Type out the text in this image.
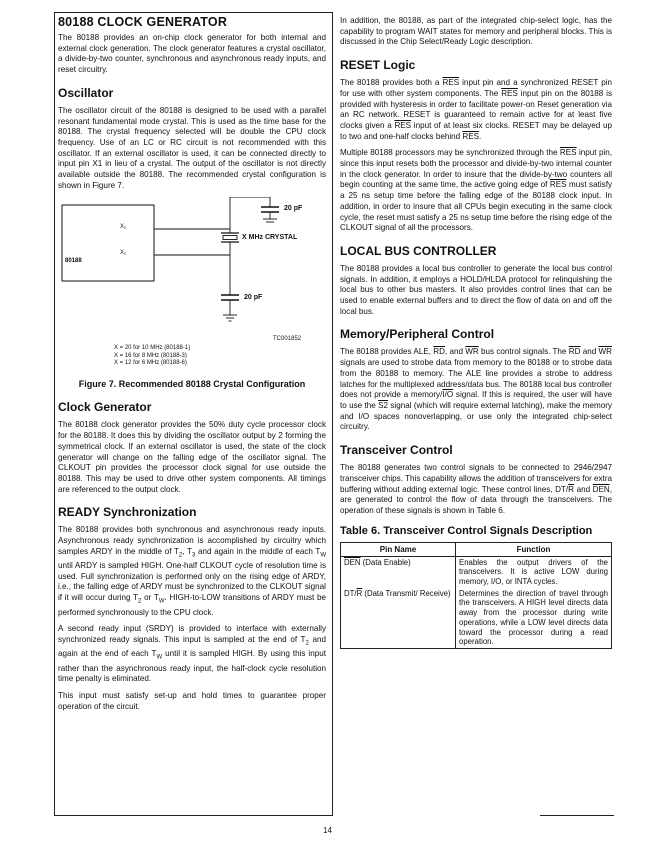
80188 CLOCK GENERATOR

The 80188 provides an on-chip clock generator for both internal and external clock generation. The clock generator features a crystal oscillator, a divide-by-two counter, synchronous and asynchronous ready inputs, and reset circuitry.

Oscillator

The oscillator circuit of the 80188 is designed to be used with a parallel resonant fundamental mode crystal. This is used as the time base for the 80188. The crystal frequency selected will be double the CPU clock frequency. Use of an LC or RC circuit is not recommended with this oscillator. If an external oscillator is used, it can be connected directly to input pin X1 in lieu of a crystal. The output of the oscillator is not directly available outside the 80188. The recommended crystal configuration is shown in Figure 7.

X₁
X₂
80188
20 pF
X MHz CRYSTAL
20 pF
TC001852
X = 20 for 10 MHz (80188-1)
X = 16 for 8 MHz (80188-3)
X = 12 for 6 MHz (80188-6)
Figure 7. Recommended 80188 Crystal Configuration
Clock Generator

The 80188 clock generator provides the 50% duty cycle processor clock for the 80188. It does this by dividing the oscillator output by 2 forming the symmetrical clock. If an external oscillator is used, the state of the clock generator will change on the falling edge of the oscillator signal. The CLKOUT pin provides the processor clock signal for use outside the 80188. This may be used to drive other system components. All timings are referenced to the output clock.

READY Synchronization

The 80188 provides both synchronous and asynchronous ready inputs. Asynchronous ready synchronization is accomplished by circuitry which samples ARDY in the middle of $T_2$, $T_3$ and again in the middle of each $T_W$ until ARDY is sampled HIGH. One-half CLKOUT cycle of resolution time is used. Full synchronization is performed only on the rising edge of ARDY, i.e., the falling edge of ARDY must be synchronized to the CLKOUT signal if it will occur during $T_2$ or $T_W$. HIGH-to-LOW transitions of ARDY must be performed synchronously to the CPU clock.

A second ready input (SRDY) is provided to interface with externally synchronized ready signals. This input is sampled at the end of $T_2$ and again at the end of each $T_W$ until it is sampled HIGH. By using this input rather than the asynchronous ready input, the half-clock cycle resolution time penalty is eliminated.

This input must satisfy set-up and hold times to guarantee proper operation of the circuit.

In addition, the 80188, as part of the integrated chip-select logic, has the capability to program WAIT states for memory and peripheral blocks. This is discussed in the Chip Select/Ready Logic description.

RESET Logic

The 80188 provides both a $\overline{RES}$ input pin and a synchronized RESET pin for use with other system components. The $\overline{RES}$ input pin on the 80188 is provided with hysteresis in order to facilitate power-on Reset generation via an RC network. RESET is guaranteed to remain active for at least five clocks given a $\overline{RES}$ input of at least six clocks. RESET may be delayed up to two and one-half clocks behind $\overline{RES}$.

Multiple 80188 processors may be synchronized through the $\overline{RES}$ input pin, since this input resets both the processor and divide-by-two internal counter in the clock generator. In order to insure that the divide-by-two counters all begin counting at the same time, the active going edge of $\overline{RES}$ must satisfy a 25 ns setup time before the falling edge of the 80188 clock input. In addition, in order to insure that all CPUs begin executing in the same clock cycle, the reset must satisfy a 25 ns setup time before the rising edge of the CLKOUT signal of all the processors.

LOCAL BUS CONTROLLER

The 80188 provides a local bus controller to generate the local bus control signals. In addition, it employs a HOLD/HLDA protocol for relinquishing the local bus to other bus masters. It also provides control lines that can be used to enable external buffers and to direct the flow of data on and off the local bus.

Memory/Peripheral Control

The 80188 provides ALE, $\overline{RD}$, and $\overline{WR}$ bus control signals. The $\overline{RD}$ and $\overline{WR}$ signals are used to strobe data from memory to the 80188 or to strobe data from the 80188 to memory. The ALE line provides a strobe to address latches for the multiplexed address/data bus. The 80188 local bus controller does not provide a memory/I/O signal. If this is required, the user will have to use the S2 signal (which will require external latching), make the memory and I/O spaces nonoverlapping, or use only the integrated chip-select circuitry.

Transceiver Control

The 80188 generates two control signals to be connected to 2946/2947 transceiver chips. This capability allows the addition of transceivers for extra buffering without adding external logic. These control lines, $DT/\overline{R}$ and $\overline{DEN}$, are generated to control the flow of data through the transceivers. The operation of these signals is shown in Table 6.

Table 6. Transceiver Control Signals Description
Pin Name	Function
$\overline{DEN}$ (Data Enable)	Enables the output drivers of the transceivers. It is active LOW during memory, I/O, or INTA cycles.
$DT/\overline{R}$ (Data Transmit/ Receive)	Determines the direction of travel through the transceivers. A HIGH level directs data away from the processor during write operations, while a LOW level directs data toward the processor during a read operation.
14
